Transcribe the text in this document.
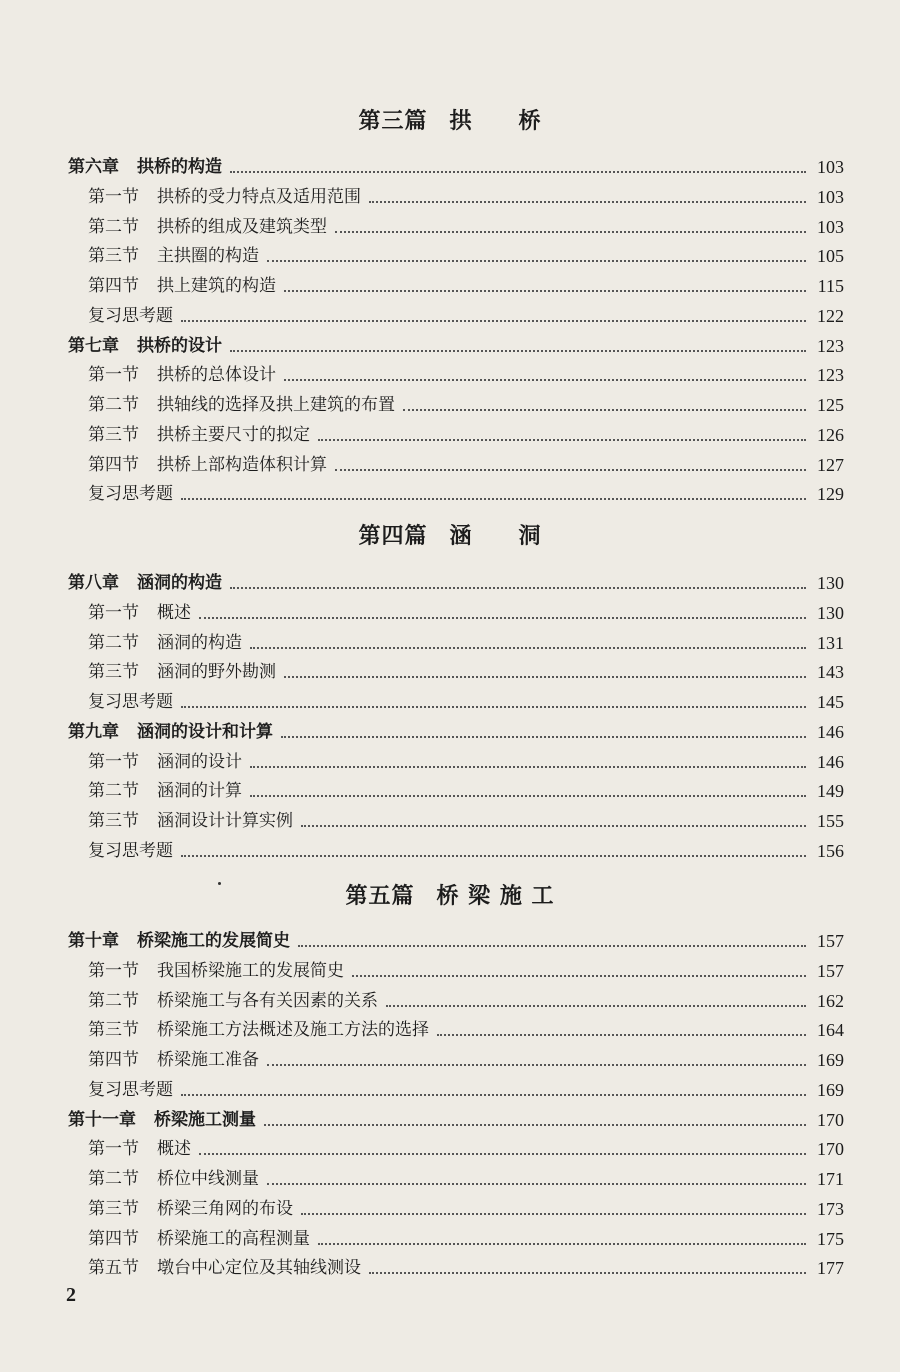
第三篇 拱　　桥
第六章	拱桥的构造	103
第一节	拱桥的受力特点及适用范围	103
第二节	拱桥的组成及建筑类型	103
第三节	主拱圈的构造	105
第四节	拱上建筑的构造	115
复习思考题	122
第七章	拱桥的设计	123
第一节	拱桥的总体设计	123
第二节	拱轴线的选择及拱上建筑的布置	125
第三节	拱桥主要尺寸的拟定	126
第四节	拱桥上部构造体积计算	127
复习思考题	129
第四篇 涵　　洞
第八章	涵洞的构造	130
第一节	概述	130
第二节	涵洞的构造	131
第三节	涵洞的野外勘测	143
复习思考题	145
第九章	涵洞的设计和计算	146
第一节	涵洞的设计	146
第二节	涵洞的计算	149
第三节	涵洞设计计算实例	155
复习思考题	156
第五篇 桥 梁 施 工
第十章	桥梁施工的发展简史	157
第一节	我国桥梁施工的发展简史	157
第二节	桥梁施工与各有关因素的关系	162
第三节	桥梁施工方法概述及施工方法的选择	164
第四节	桥梁施工准备	169
复习思考题	169
第十一章	桥梁施工测量	170
第一节	概述	170
第二节	桥位中线测量	171
第三节	桥梁三角网的布设	173
第四节	桥梁施工的高程测量	175
第五节	墩台中心定位及其轴线测设	177
2
